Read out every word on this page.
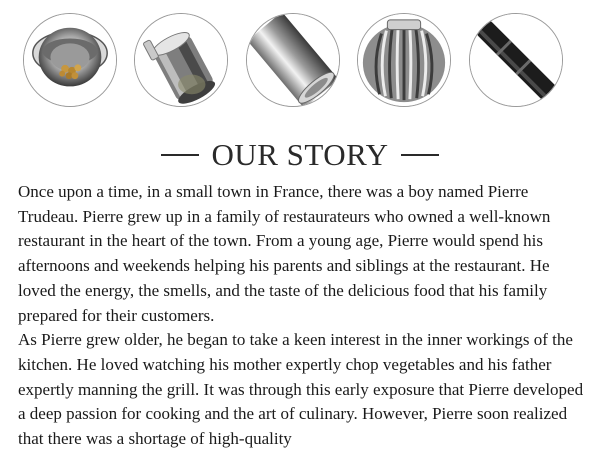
OUR STORY

Once upon a time, in a small town in France, there was a boy named Pierre Trudeau. Pierre grew up in a family of restaurateurs who owned a well-known restaurant in the heart of the town. From a young age, Pierre would spend his afternoons and weekends helping his parents and siblings at the restaurant. He loved the energy, the smells, and the taste of the delicious food that his family prepared for their customers.

As Pierre grew older, he began to take a keen interest in the inner workings of the kitchen. He loved watching his mother expertly chop vegetables and his father expertly manning the grill. It was through this early exposure that Pierre developed a deep passion for cooking and the art of culinary. However, Pierre soon realized that there was a shortage of high-quality
